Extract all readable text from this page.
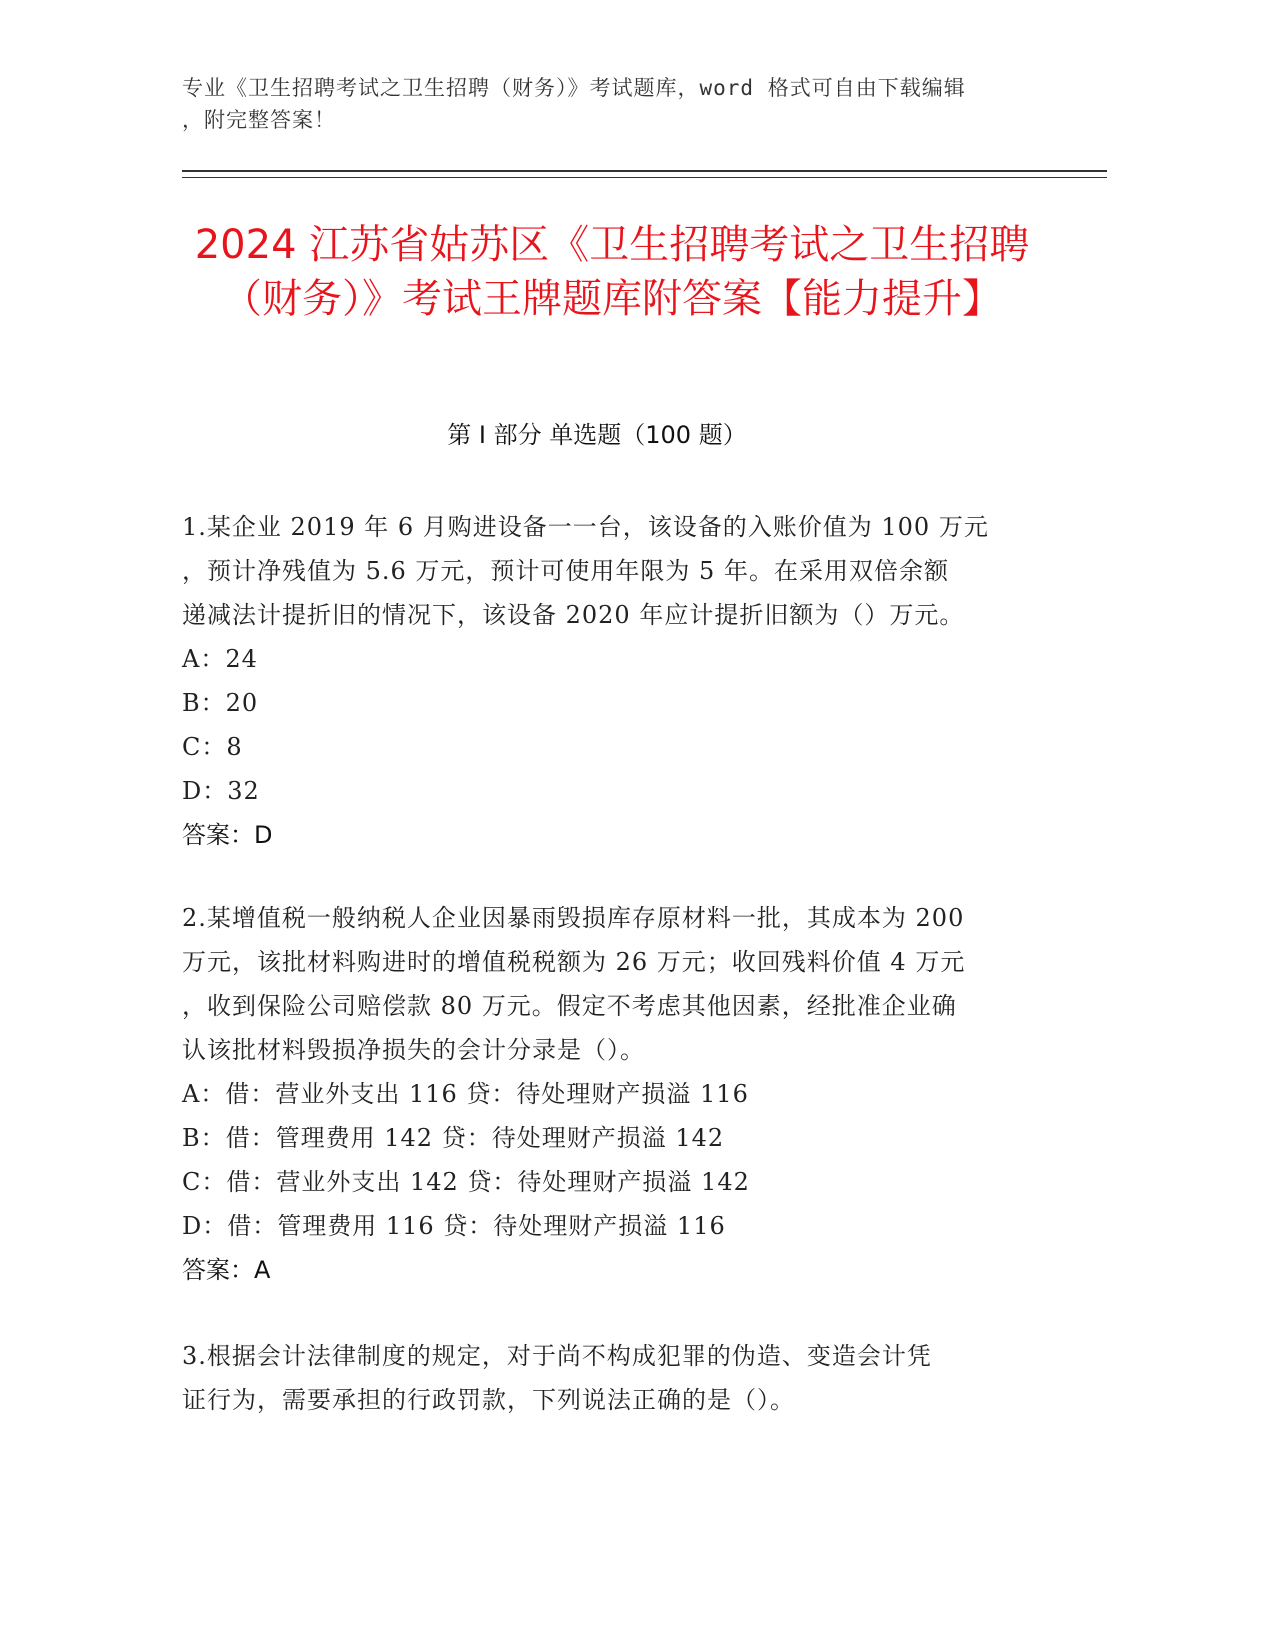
专业《卫生招聘考试之卫生招聘（财务）》考试题库，word 格式可自由下载编辑
，附完整答案！
2024 江苏省姑苏区《卫生招聘考试之卫生招聘（财务）》考试王牌题库附答案【能力提升】
第 I 部分 单选题（100 题）

1.某企业 2019 年 6 月购进设备一一台，该设备的入账价值为 100 万元
，预计净残值为 5.6 万元，预计可使用年限为 5 年。在采用双倍余额
递减法计提折旧的情况下，该设备 2020 年应计提折旧额为（）万元。

A：24
B：20
C：8
D：32

答案：D

2.某增值税一般纳税人企业因暴雨毁损库存原材料一批，其成本为 200
万元，该批材料购进时的增值税税额为 26 万元；收回残料价值 4 万元
，收到保险公司赔偿款 80 万元。假定不考虑其他因素，经批准企业确
认该批材料毁损净损失的会计分录是（）。

A：借：营业外支出 116 贷：待处理财产损溢 116
B：借：管理费用 142 贷：待处理财产损溢 142
C：借：营业外支出 142 贷：待处理财产损溢 142
D：借：管理费用 116 贷：待处理财产损溢 116

答案：A

3.根据会计法律制度的规定，对于尚不构成犯罪的伪造、变造会计凭
证行为，需要承担的行政罚款，下列说法正确的是（）。
